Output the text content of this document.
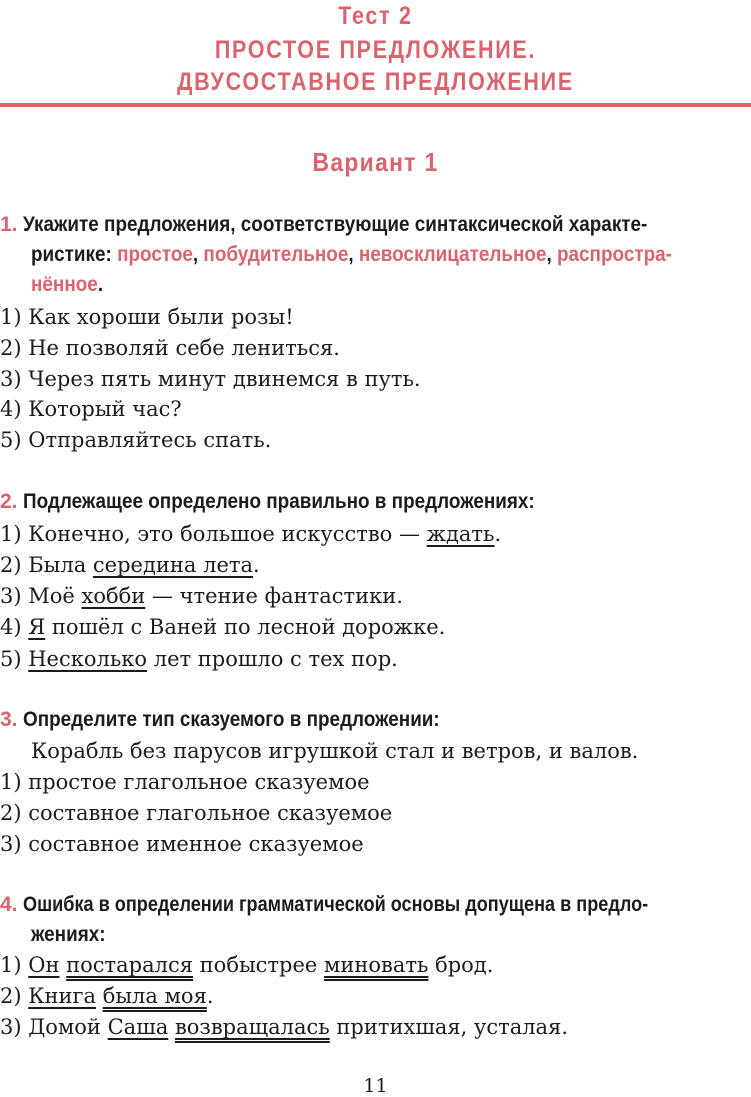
Тест 2
ПРОСТОЕ ПРЕДЛОЖЕНИЕ.
ДВУСОСТАВНОЕ ПРЕДЛОЖЕНИЕ
Вариант 1
1. Укажите предложения, соответствующие синтаксической характе-
ристике: простое, побудительное, невосклицательное, распростра-
нённое.
1) Как хороши были розы!
2) Не позволяй себе лениться.
3) Через пять минут двинемся в путь.
4) Который час?
5) Отправляйтесь спать.
2. Подлежащее определено правильно в предложениях:
1) Конечно, это большое искусство — ждать.
2) Была середина лета.
3) Моё хобби — чтение фантастики.
4) Я пошёл с Ваней по лесной дорожке.
5) Несколько лет прошло с тех пор.
3. Определите тип сказуемого в предложении:
Корабль без парусов игрушкой стал и ветров, и валов.
1) простое глагольное сказуемое
2) составное глагольное сказуемое
3) составное именное сказуемое
4. Ошибка в определении грамматической основы допущена в предло-
жениях:
1) Он постарался побыстрее миновать брод.
2) Книга была моя.
3) Домой Саша возвращалась притихшая, усталая.
11
